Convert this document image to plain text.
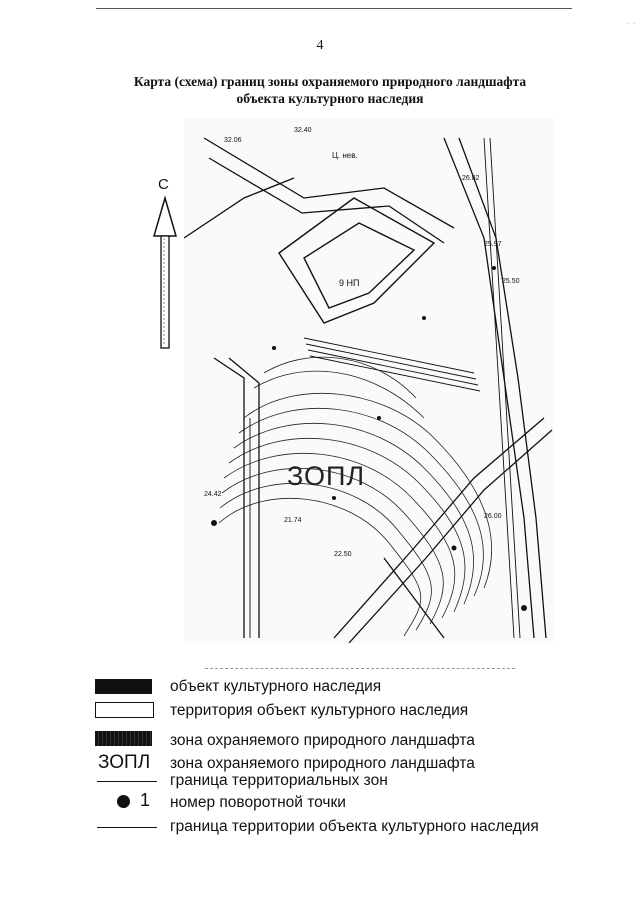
· ·
4
Карта (схема) границ зоны охраняемого природного ландшафта
объекта культурного наследия
С
32.06
32.40
26.82
25.97
25.50
24.42
21.74
22.50
26.00
Ц. нев.
9 НП
ЗОПЛ
объект культурного наследия
территория объект культурного наследия
зона охраняемого природного ландшафта
ЗОПЛ зона охраняемого природного ландшафта
граница территориальных зон
1 номер поворотной точки
граница территории объекта культурного наследия
